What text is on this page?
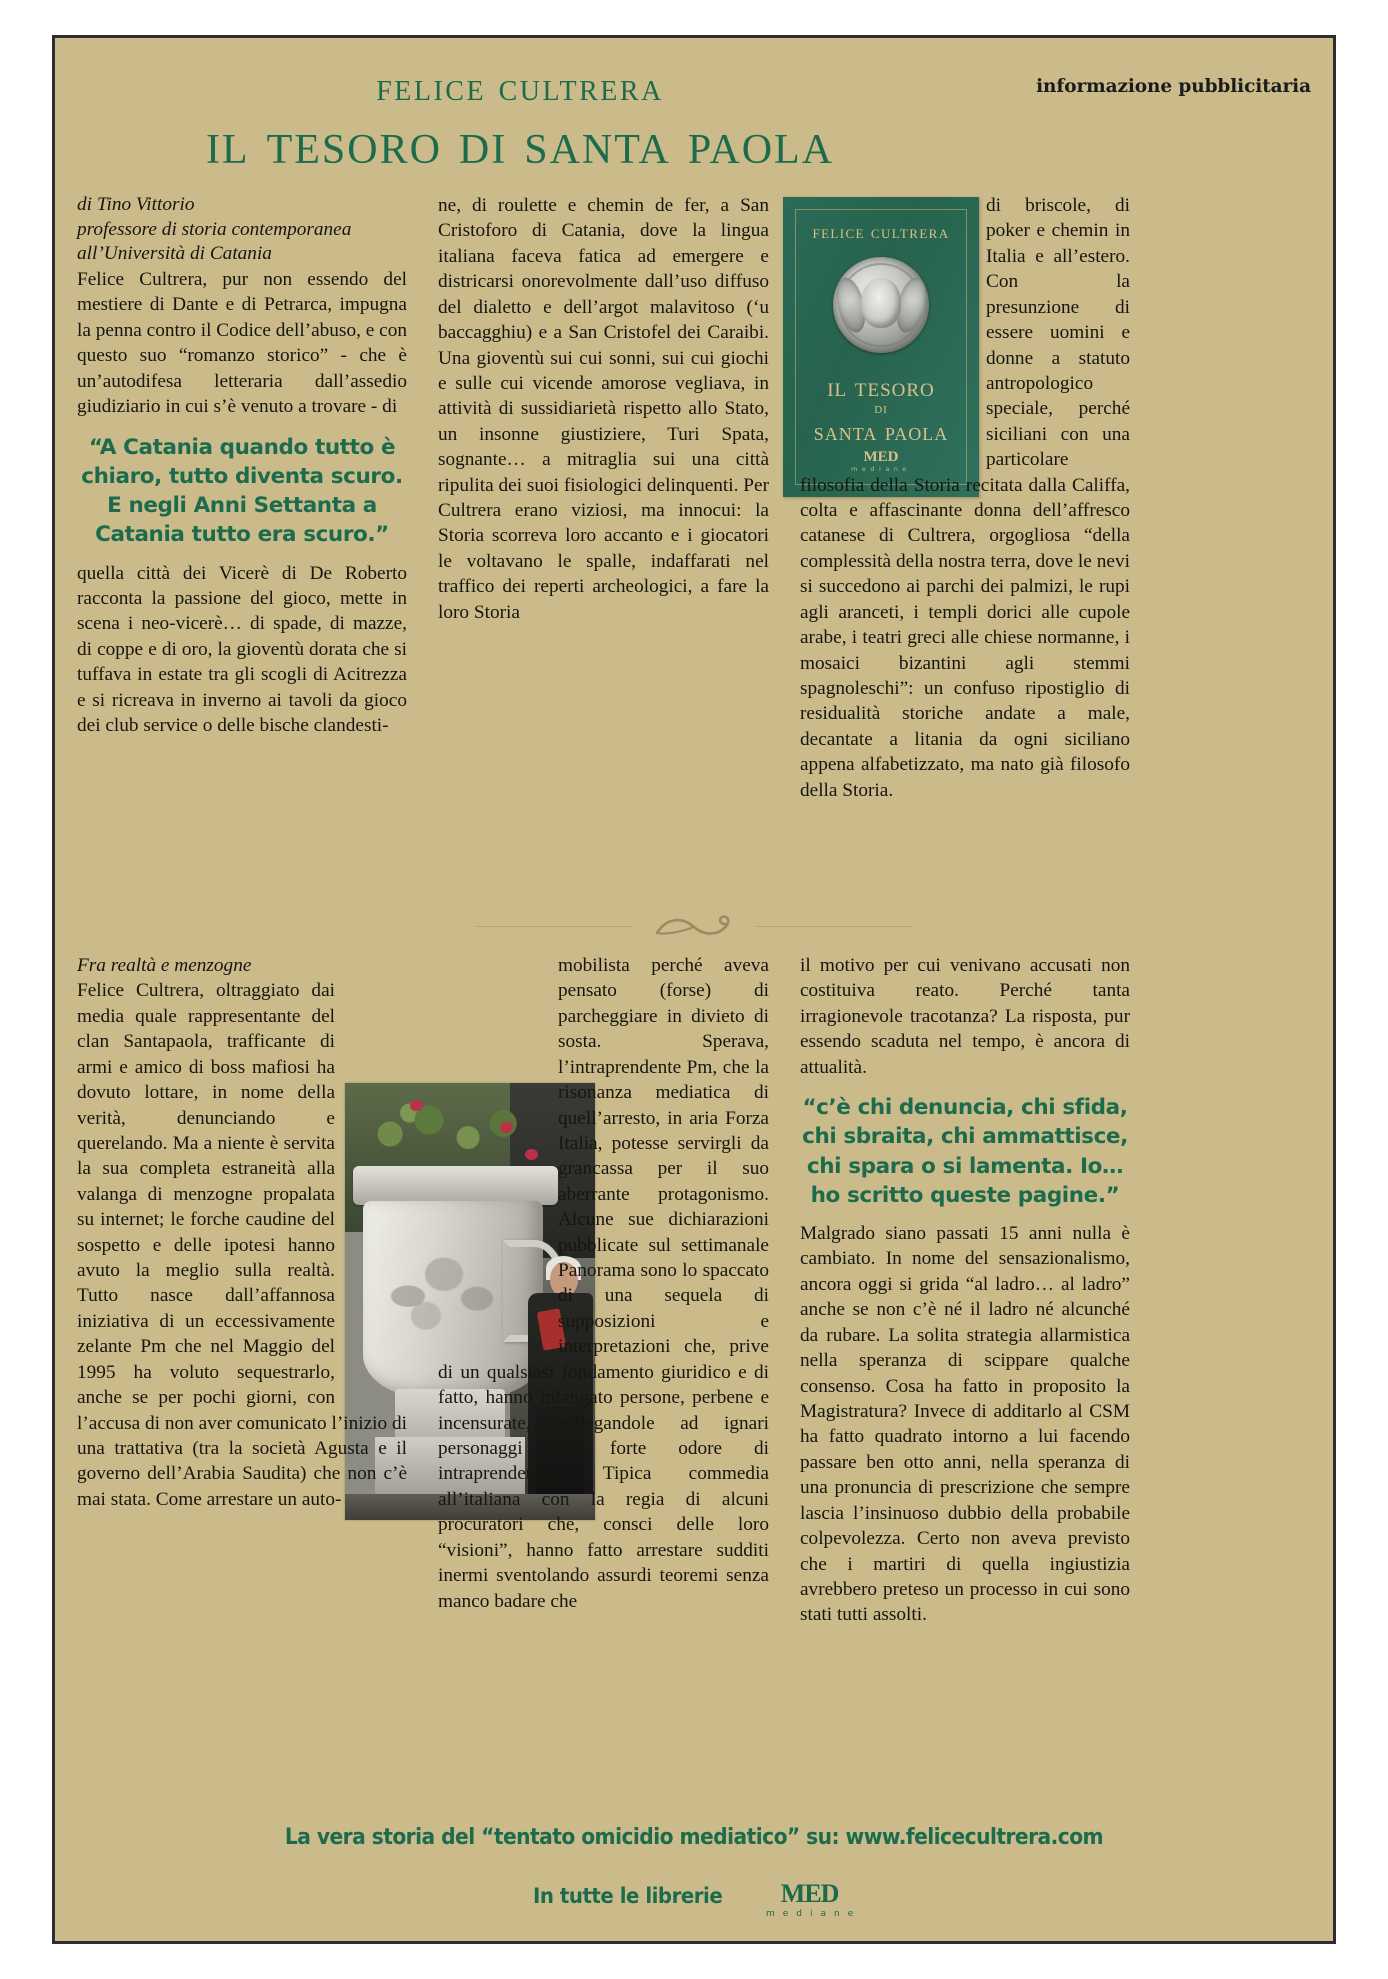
informazione pubblicitaria
felice cultrera
il tesoro di santa paola
felice cultrera
il tesoro
di
santa paola
med
mediane
di Tino Vittorio
professore di storia contemporanea
all’Università di Catania

Felice Cultrera, pur non essendo del mestiere di Dante e di Petrarca, impugna la penna contro il Codice dell’abuso, e con questo suo “romanzo storico” - che è un’autodifesa letteraria dall’assedio giudiziario in cui s’è venuto a trovare - di

“A Catania quando tutto è chiaro, tutto diventa scuro. E negli Anni Settanta a Catania tutto era scuro.”

quella città dei Vicerè di De Roberto racconta la passione del gioco, mette in scena i neo-vicerè… di spade, di mazze, di coppe e di oro, la gioventù dorata che si tuffava in estate tra gli scogli di Acitrezza e si ricreava in inverno ai tavoli da gioco dei club service o delle bische clandesti-

ne, di roulette e chemin de fer, a San Cristoforo di Catania, dove la lingua italiana faceva fatica ad emergere e districarsi onorevolmente dall’uso diffuso del dialetto e dell’argot malavitoso (‘u baccagghiu) e a San Cristofel dei Caraibi. Una gioventù sui cui sonni, sui cui giochi e sulle cui vicende amorose vegliava, in attività di sussidiarietà rispetto allo Stato, un insonne giustiziere, Turi Spata, sognante… a mitraglia sui una città ripulita dei suoi fisiologici delinquenti. Per Cultrera erano viziosi, ma innocui: la Storia scorreva loro accanto e i giocatori le voltavano le spalle, indaffarati nel traffico dei reperti archeologici, a fare la loro Storia

di briscole, di poker e chemin in Italia e all’estero. Con la presunzione di essere uomini e donne a statuto antropologico speciale, perché siciliani con una particolare filosofia della Storia recitata dalla Califfa, colta e affascinante donna dell’affresco catanese di Cultrera, orgogliosa “della complessità della nostra terra, dove le nevi si succedono ai parchi dei palmizi, le rupi agli aranceti, i templi dorici alle cupole arabe, i teatri greci alle chiese normanne, i mosaici bizantini agli stemmi spagnoleschi”: un confuso ripostiglio di residualità storiche andate a male, decantate a litania da ogni siciliano appena alfabetizzato, ma nato già filosofo della Storia.

Fra realtà e menzogne

Felice Cultrera, oltraggiato dai media quale rappresentante del clan Santapaola, trafficante di armi e amico di boss mafiosi ha dovuto lottare, in nome della verità, denunciando e querelando. Ma a niente è servita la sua completa estraneità alla valanga di menzogne propalata su internet; le forche caudine del sospetto e delle ipotesi hanno avuto la meglio sulla realtà. Tutto nasce dall’affannosa iniziativa di un eccessivamente zelante Pm che nel Maggio del 1995 ha voluto sequestrarlo, anche se per pochi giorni, con l’accusa di non aver comunicato l’inizio di una trattativa (tra la società Agusta e il governo dell’Arabia Saudita) che non c’è mai stata. Come arrestare un auto-

mobilista perché aveva pensato (forse) di parcheggiare in divieto di sosta. Sperava, l’intraprendente Pm, che la risonanza mediatica di quell’arresto, in aria Forza Italia, potesse servirgli da grancassa per il suo aberrante protagonismo. Alcune sue dichiarazioni pubblicate sul settimanale Panorama sono lo spaccato di una sequela di supposizioni e interpretazioni che, prive di un qualsiasi fondamento giuridico e di fatto, hanno infangato persone, perbene e incensurate, collegandole ad ignari personaggi “in forte odore di intraprendenza.” Tipica commedia all’italiana con la regia di alcuni procuratori che, consci delle loro “visioni”, hanno fatto arrestare sudditi inermi sventolando assurdi teoremi senza manco badare che

il motivo per cui venivano accusati non costituiva reato. Perché tanta irragionevole tracotanza? La risposta, pur essendo scaduta nel tempo, è ancora di attualità.

“c’è chi denuncia, chi sfida, chi sbraita, chi ammattisce, chi spara o si lamenta. Io… ho scritto queste pagine.”

Malgrado siano passati 15 anni nulla è cambiato. In nome del sensazionalismo, ancora oggi si grida “al ladro… al ladro” anche se non c’è né il ladro né alcunché da rubare. La solita strategia allarmistica nella speranza di scippare qualche consenso. Cosa ha fatto in proposito la Magistratura? Invece di additarlo al CSM ha fatto quadrato intorno a lui facendo passare ben otto anni, nella speranza di una pronuncia di prescrizione che sempre lascia l’insinuoso dubbio della probabile colpevolezza. Certo non aveva previsto che i martiri di quella ingiustizia avrebbero preteso un processo in cui sono stati tutti assolti.

La vera storia del “tentato omicidio mediatico” su: www.felicecultrera.com
In tutte le librerie	med
mediane
